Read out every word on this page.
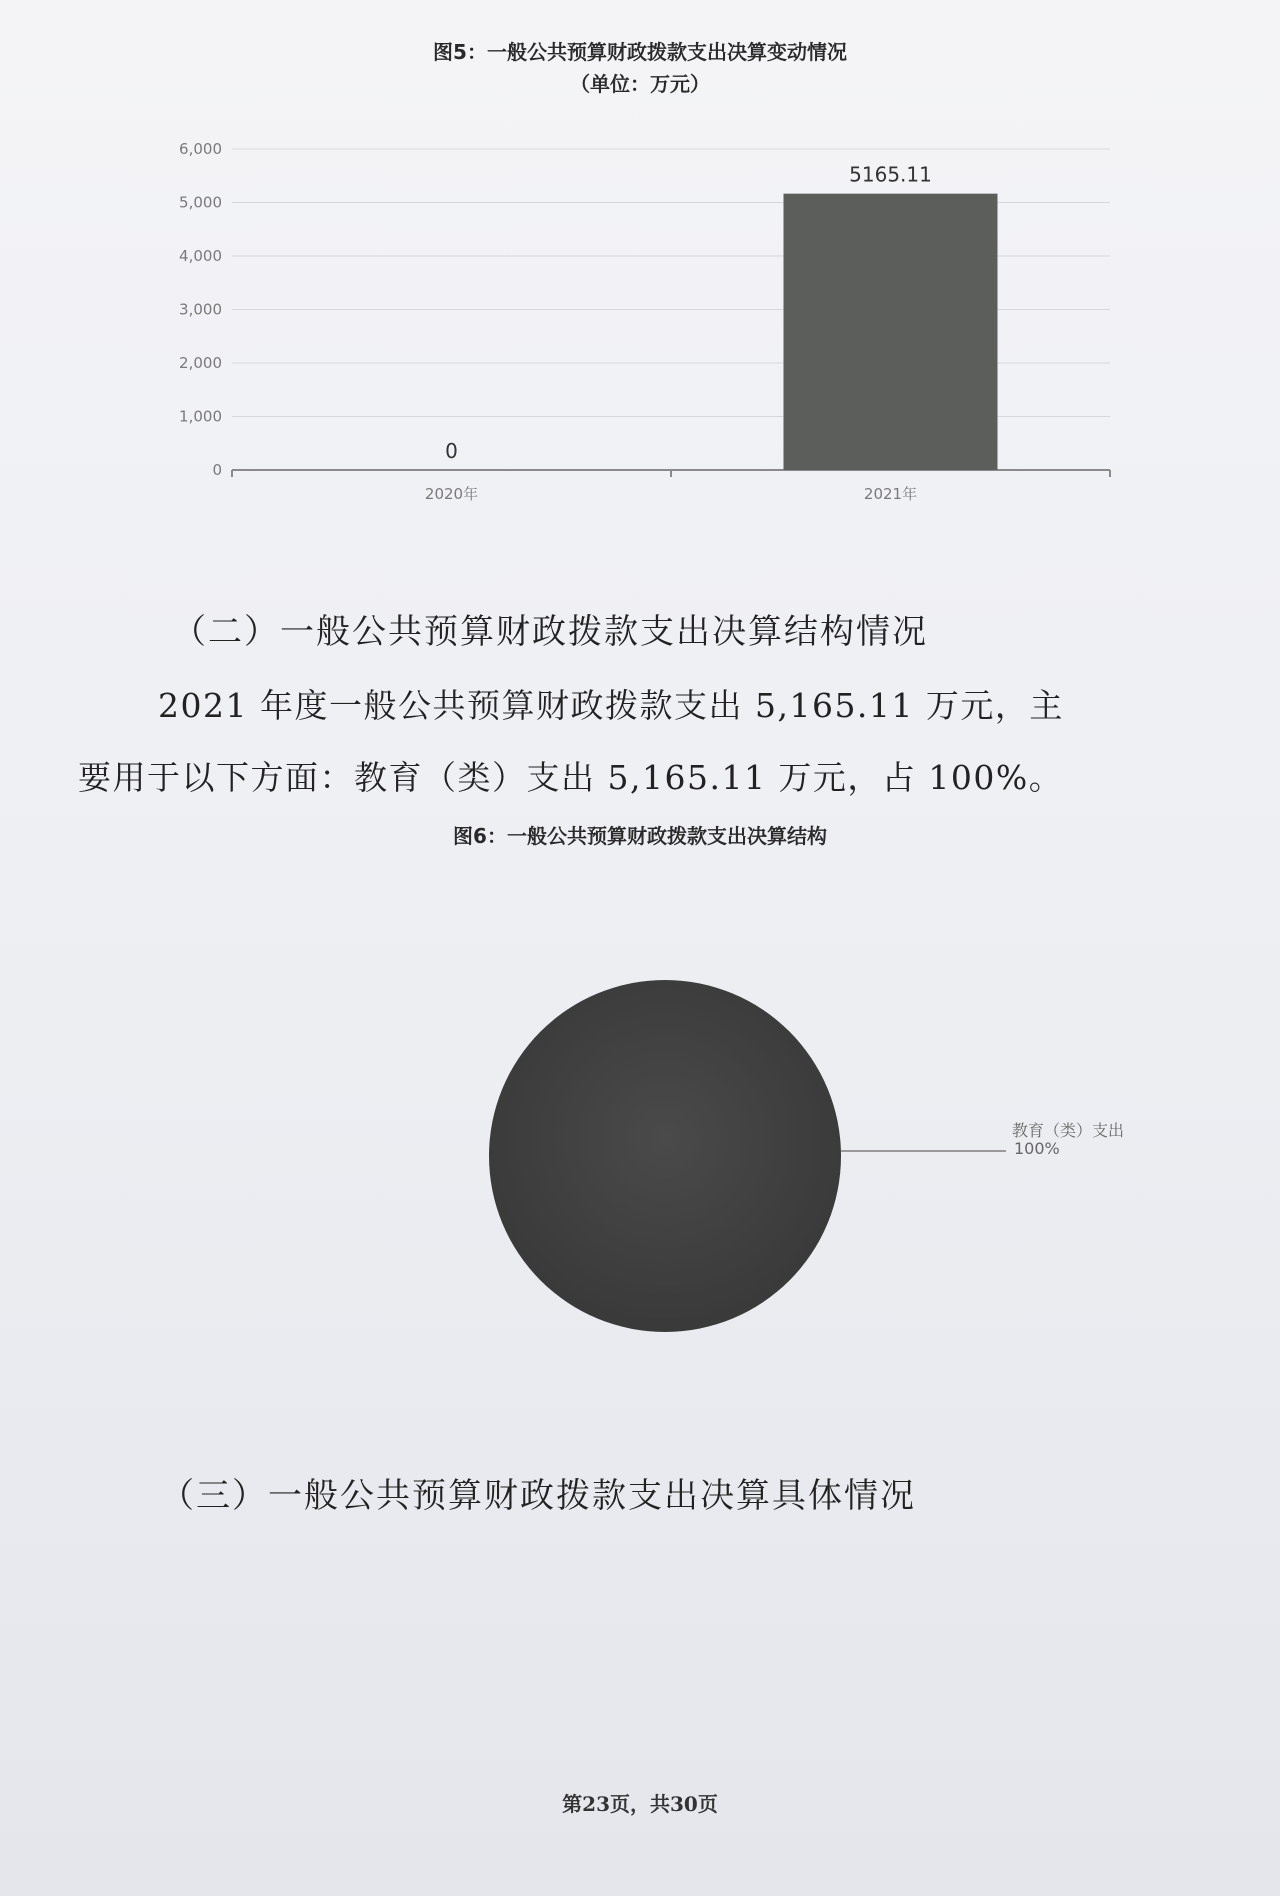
图5：一般公共预算财政拨款支出决算变动情况
（单位：万元）
0
1,000
2,000
3,000
4,000
5,000
6,000
0
5165.11
2020年	2021年
（二）一般公共预算财政拨款支出决算结构情况
2021 年度一般公共预算财政拨款支出 5,165.11 万元，主
要用于以下方面：教育（类）支出 5,165.11 万元，占 100%。
图6：一般公共预算财政拨款支出决算结构
教育（类）支出
100%
（三）一般公共预算财政拨款支出决算具体情况
第23页，共30页
